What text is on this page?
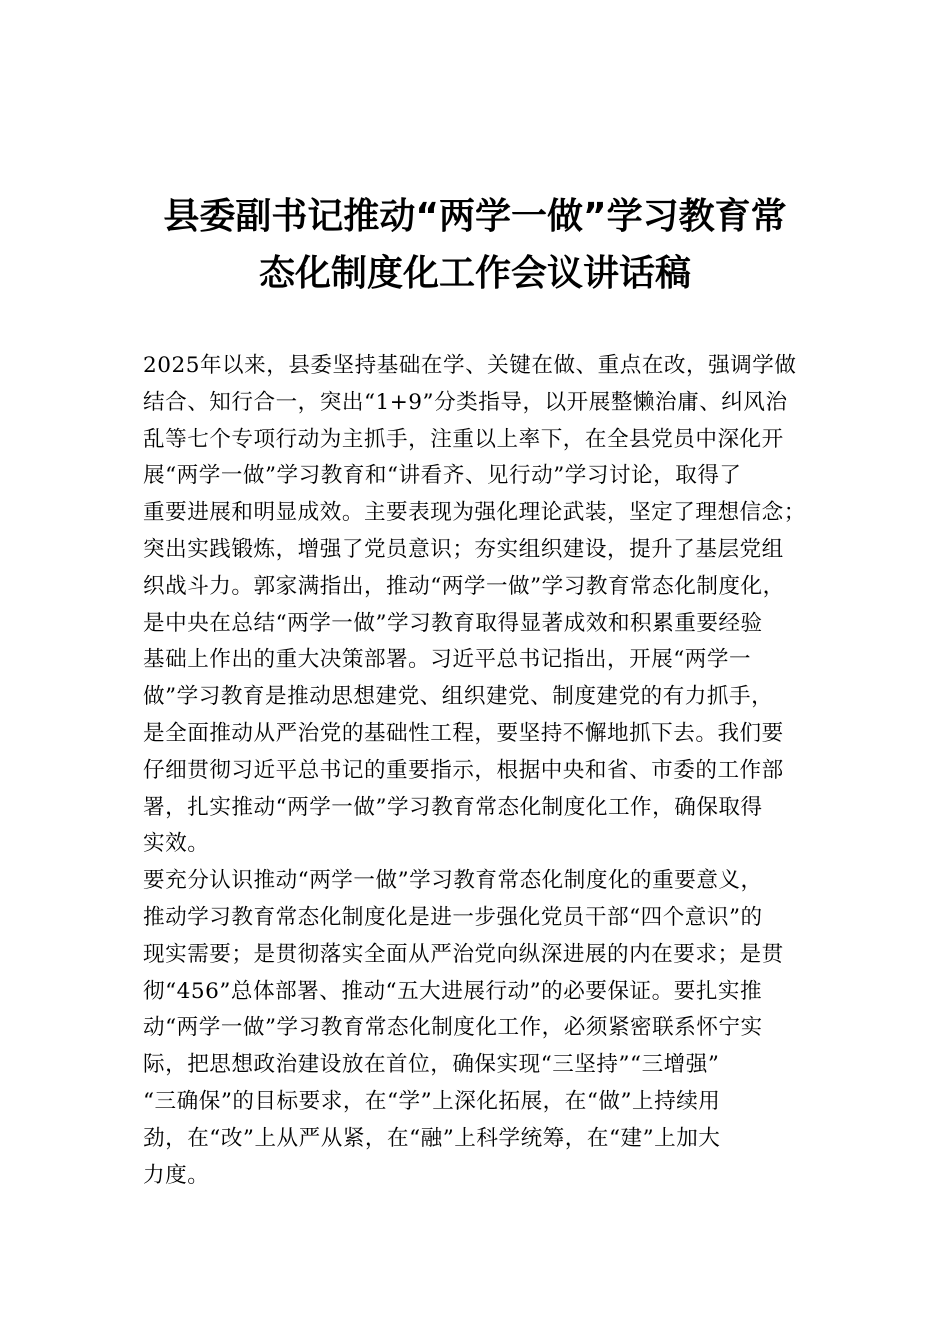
县委副书记推动“两学一做”学习教育常
态化制度化工作会议讲话稿

2025年以来，县委坚持基础在学、关键在做、重点在改，强调学做
结合、知行合一，突出“1+9”分类指导，以开展整懒治庸、纠风治
乱等七个专项行动为主抓手，注重以上率下，在全县党员中深化开
展“两学一做”学习教育和“讲看齐、见行动”学习讨论，取得了
重要进展和明显成效。主要表现为强化理论武装，坚定了理想信念；
突出实践锻炼，增强了党员意识；夯实组织建设，提升了基层党组
织战斗力。郭家满指出，推动“两学一做”学习教育常态化制度化，
是中央在总结“两学一做”学习教育取得显著成效和积累重要经验
基础上作出的重大决策部署。习近平总书记指出，开展“两学一
做”学习教育是推动思想建党、组织建党、制度建党的有力抓手，
是全面推动从严治党的基础性工程，要坚持不懈地抓下去。我们要
仔细贯彻习近平总书记的重要指示，根据中央和省、市委的工作部
署，扎实推动“两学一做”学习教育常态化制度化工作，确保取得
实效。

要充分认识推动“两学一做”学习教育常态化制度化的重要意义，
推动学习教育常态化制度化是进一步强化党员干部“四个意识”的
现实需要；是贯彻落实全面从严治党向纵深进展的内在要求；是贯
彻“456”总体部署、推动“五大进展行动”的必要保证。要扎实推
动“两学一做”学习教育常态化制度化工作，必须紧密联系怀宁实
际，把思想政治建设放在首位，确保实现“三坚持”“三增强”
“三确保”的目标要求，在“学”上深化拓展，在“做”上持续用
劲，在“改”上从严从紧，在“融”上科学统筹，在“建”上加大
力度。
